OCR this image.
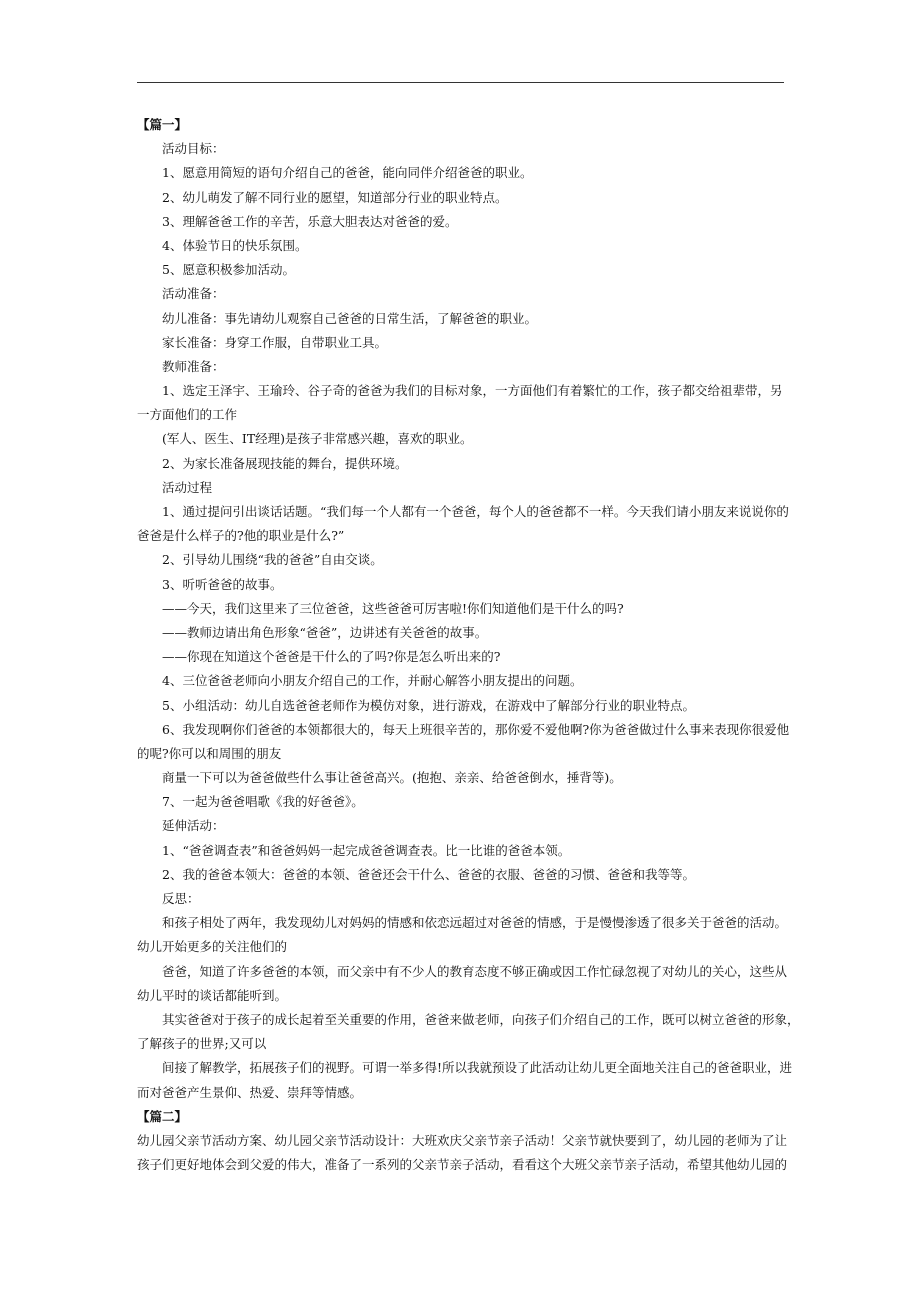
【篇一】
活动目标：
1、愿意用简短的语句介绍自己的爸爸，能向同伴介绍爸爸的职业。
2、幼儿萌发了解不同行业的愿望，知道部分行业的职业特点。
3、理解爸爸工作的辛苦，乐意大胆表达对爸爸的爱。
4、体验节日的快乐氛围。
5、愿意积极参加活动。
活动准备：
幼儿准备：事先请幼儿观察自己爸爸的日常生活，了解爸爸的职业。
家长准备：身穿工作服，自带职业工具。
教师准备：
1、选定王泽宇、王瑜玲、谷子奇的爸爸为我们的目标对象，一方面他们有着繁忙的工作，孩子都交给祖辈带，另
一方面他们的工作
(军人、医生、IT经理)是孩子非常感兴趣，喜欢的职业。
2、为家长准备展现技能的舞台，提供环境。
活动过程
1、通过提问引出谈话话题。“我们每一个人都有一个爸爸，每个人的爸爸都不一样。今天我们请小朋友来说说你的
爸爸是什么样子的?他的职业是什么?”
2、引导幼儿围绕“我的爸爸”自由交谈。
3、听听爸爸的故事。
——今天，我们这里来了三位爸爸，这些爸爸可厉害啦!你们知道他们是干什么的吗?
——教师边请出角色形象“爸爸”，边讲述有关爸爸的故事。
——你现在知道这个爸爸是干什么的了吗?你是怎么听出来的?
4、三位爸爸老师向小朋友介绍自己的工作，并耐心解答小朋友提出的问题。
5、小组活动：幼儿自选爸爸老师作为模仿对象，进行游戏，在游戏中了解部分行业的职业特点。
6、我发现啊你们爸爸的本领都很大的，每天上班很辛苦的，那你爱不爱他啊?你为爸爸做过什么事来表现你很爱他
的呢?你可以和周围的朋友
商量一下可以为爸爸做些什么事让爸爸高兴。(抱抱、亲亲、给爸爸倒水，捶背等)。
7、一起为爸爸唱歌《我的好爸爸》。
延伸活动：
1、“爸爸调查表”和爸爸妈妈一起完成爸爸调查表。比一比谁的爸爸本领。
2、我的爸爸本领大：爸爸的本领、爸爸还会干什么、爸爸的衣服、爸爸的习惯、爸爸和我等等。
反思：
和孩子相处了两年，我发现幼儿对妈妈的情感和依恋远超过对爸爸的情感，于是慢慢渗透了很多关于爸爸的活动。
幼儿开始更多的关注他们的
爸爸，知道了许多爸爸的本领，而父亲中有不少人的教育态度不够正确或因工作忙碌忽视了对幼儿的关心，这些从
幼儿平时的谈话都能听到。
其实爸爸对于孩子的成长起着至关重要的作用，爸爸来做老师，向孩子们介绍自己的工作，既可以树立爸爸的形象，
了解孩子的世界;又可以
间接了解教学，拓展孩子们的视野。可谓一举多得!所以我就预设了此活动让幼儿更全面地关注自己的爸爸职业，进
而对爸爸产生景仰、热爱、崇拜等情感。
【篇二】
幼儿园父亲节活动方案、幼儿园父亲节活动设计：大班欢庆父亲节亲子活动！父亲节就快要到了，幼儿园的老师为了让
孩子们更好地体会到父爱的伟大，准备了一系列的父亲节亲子活动，看看这个大班父亲节亲子活动，希望其他幼儿园的
